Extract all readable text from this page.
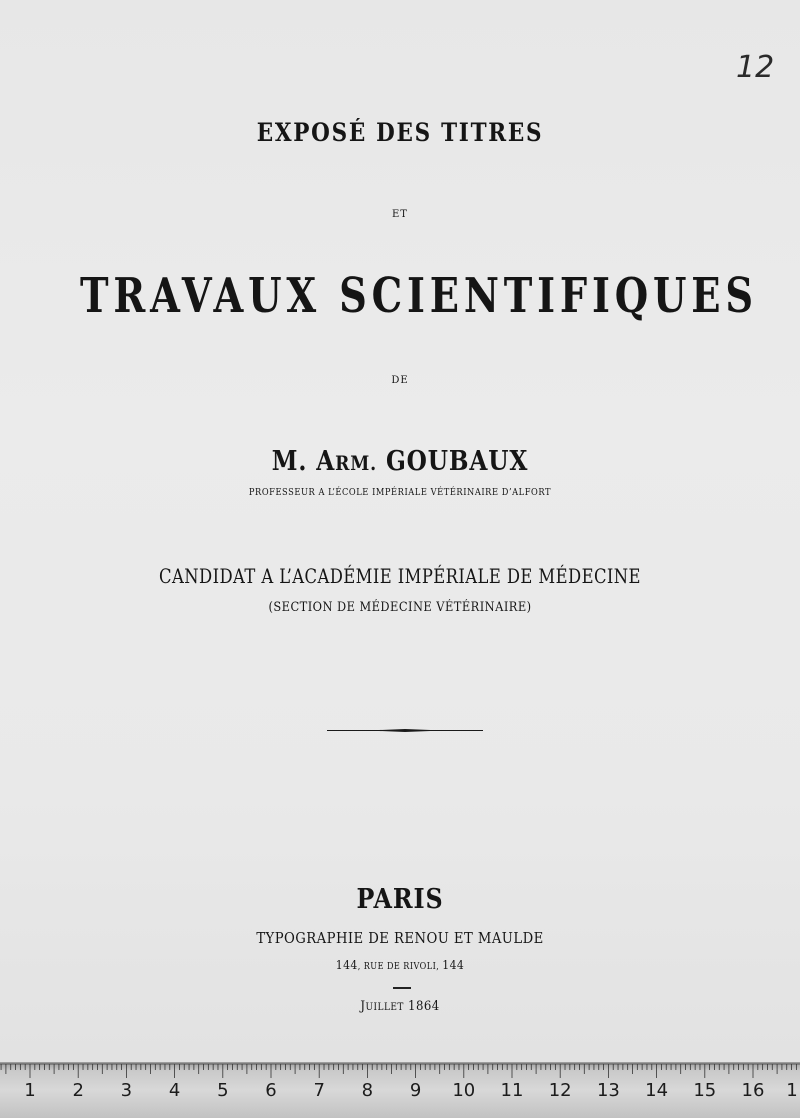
12
EXPOSÉ DES TITRES
ET
TRAVAUX SCIENTIFIQUES
DE
M. ARM. GOUBAUX
PROFESSEUR A L’ÉCOLE IMPÉRIALE VÉTÉRINAIRE D’ALFORT
CANDIDAT A L’ACADÉMIE IMPÉRIALE DE MÉDECINE
(SECTION DE MÉDECINE VÉTÉRINAIRE)
PARIS
TYPOGRAPHIE DE RENOU ET MAULDE
144, RUE DE RIVOLI, 144
JUILLET 1864
1	2	3	4	5	6	7	8	9	10 11 12 13 14 15 16	1
